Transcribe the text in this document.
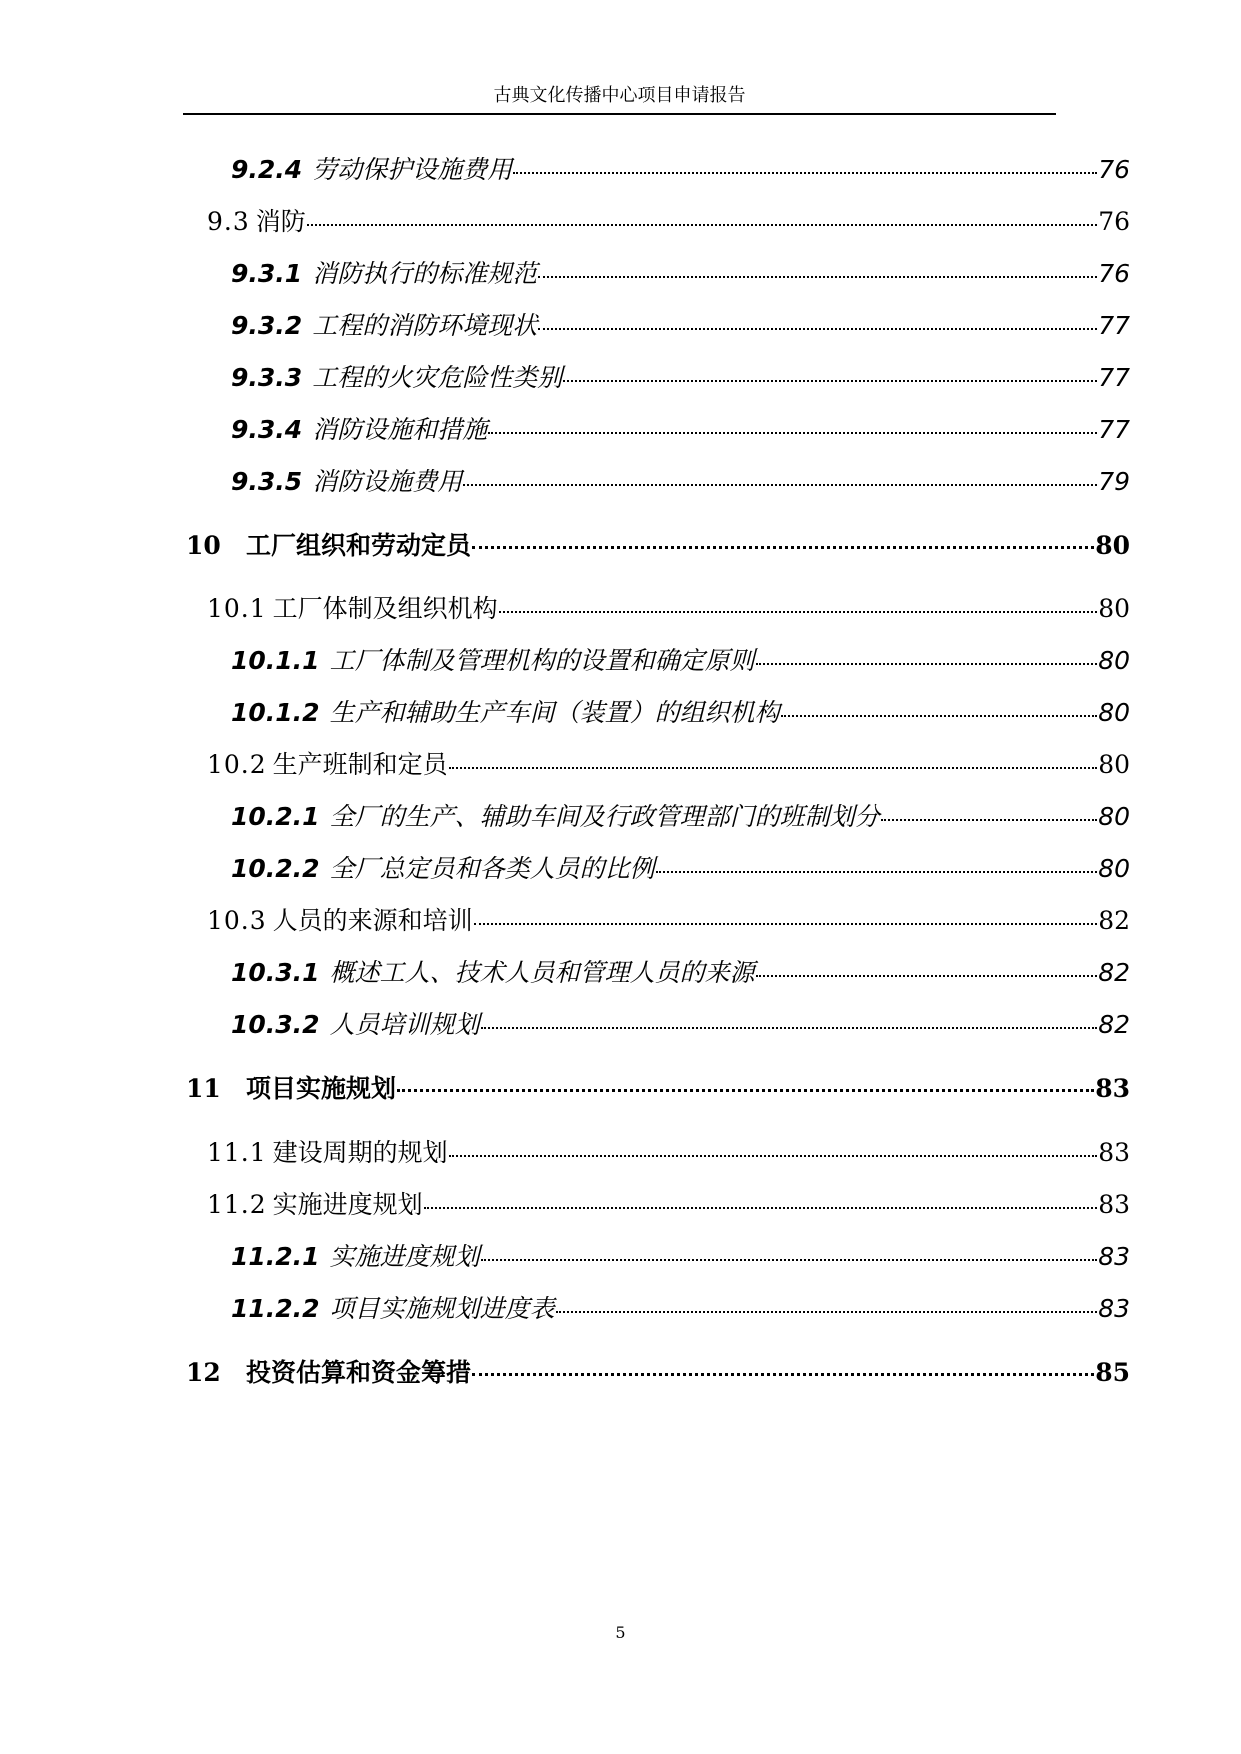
古典文化传播中心项目申请报告
9.2.4 劳动保护设施费用	76
9.3 消防	76
9.3.1 消防执行的标准规范	76
9.3.2 工程的消防环境现状	77
9.3.3 工程的火灾危险性类别	77
9.3.4 消防设施和措施	77
9.3.5 消防设施费用	79
10 工厂组织和劳动定员	80
10.1 工厂体制及组织机构	80
10.1.1 工厂体制及管理机构的设置和确定原则	80
10.1.2 生产和辅助生产车间（装置）的组织机构	80
10.2 生产班制和定员	80
10.2.1 全厂的生产、辅助车间及行政管理部门的班制划分	80
10.2.2 全厂总定员和各类人员的比例	80
10.3 人员的来源和培训	82
10.3.1 概述工人、技术人员和管理人员的来源	82
10.3.2 人员培训规划	82
11 项目实施规划	83
11.1 建设周期的规划	83
11.2 实施进度规划	83
11.2.1 实施进度规划	83
11.2.2 项目实施规划进度表	83
12 投资估算和资金筹措	85
5
